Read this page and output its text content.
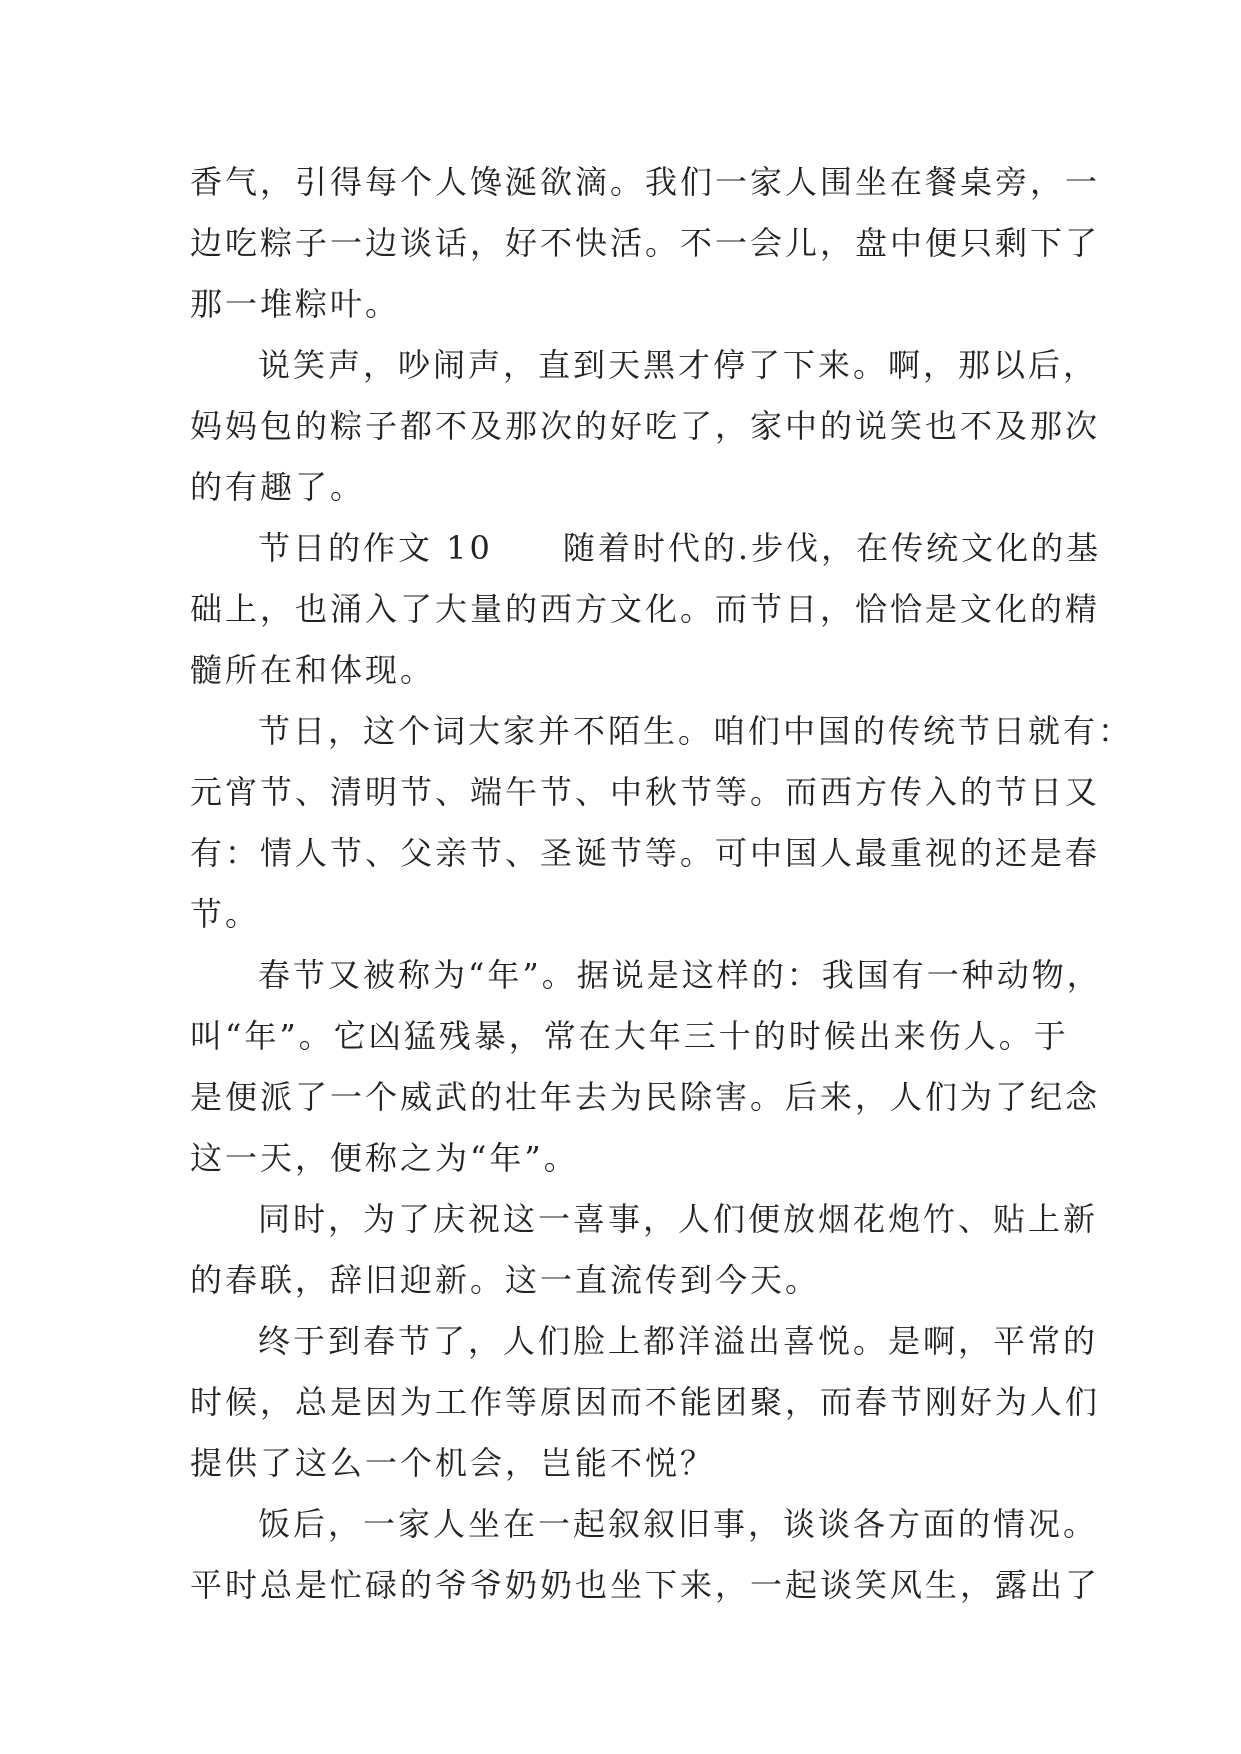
香气，引得每个人馋涎欲滴。我们一家人围坐在餐桌旁，一

边吃粽子一边谈话，好不快活。不一会儿，盘中便只剩下了

那一堆粽叶。

说笑声，吵闹声，直到天黑才停了下来。啊，那以后，

妈妈包的粽子都不及那次的好吃了，家中的说笑也不及那次

的有趣了。

节日的作文 10　　随着时代的.步伐，在传统文化的基

础上，也涌入了大量的西方文化。而节日，恰恰是文化的精

髓所在和体现。

节日，这个词大家并不陌生。咱们中国的传统节日就有：

元宵节、清明节、端午节、中秋节等。而西方传入的节日又

有：情人节、父亲节、圣诞节等。可中国人最重视的还是春

节。

春节又被称为“年”。据说是这样的：我国有一种动物，

叫“年”。它凶猛残暴，常在大年三十的时候出来伤人。于

是便派了一个威武的壮年去为民除害。后来，人们为了纪念

这一天，便称之为“年”。

同时，为了庆祝这一喜事，人们便放烟花炮竹、贴上新

的春联，辞旧迎新。这一直流传到今天。

终于到春节了，人们脸上都洋溢出喜悦。是啊，平常的

时候，总是因为工作等原因而不能团聚，而春节刚好为人们

提供了这么一个机会，岂能不悦？

饭后，一家人坐在一起叙叙旧事，谈谈各方面的情况。

平时总是忙碌的爷爷奶奶也坐下来，一起谈笑风生，露出了
